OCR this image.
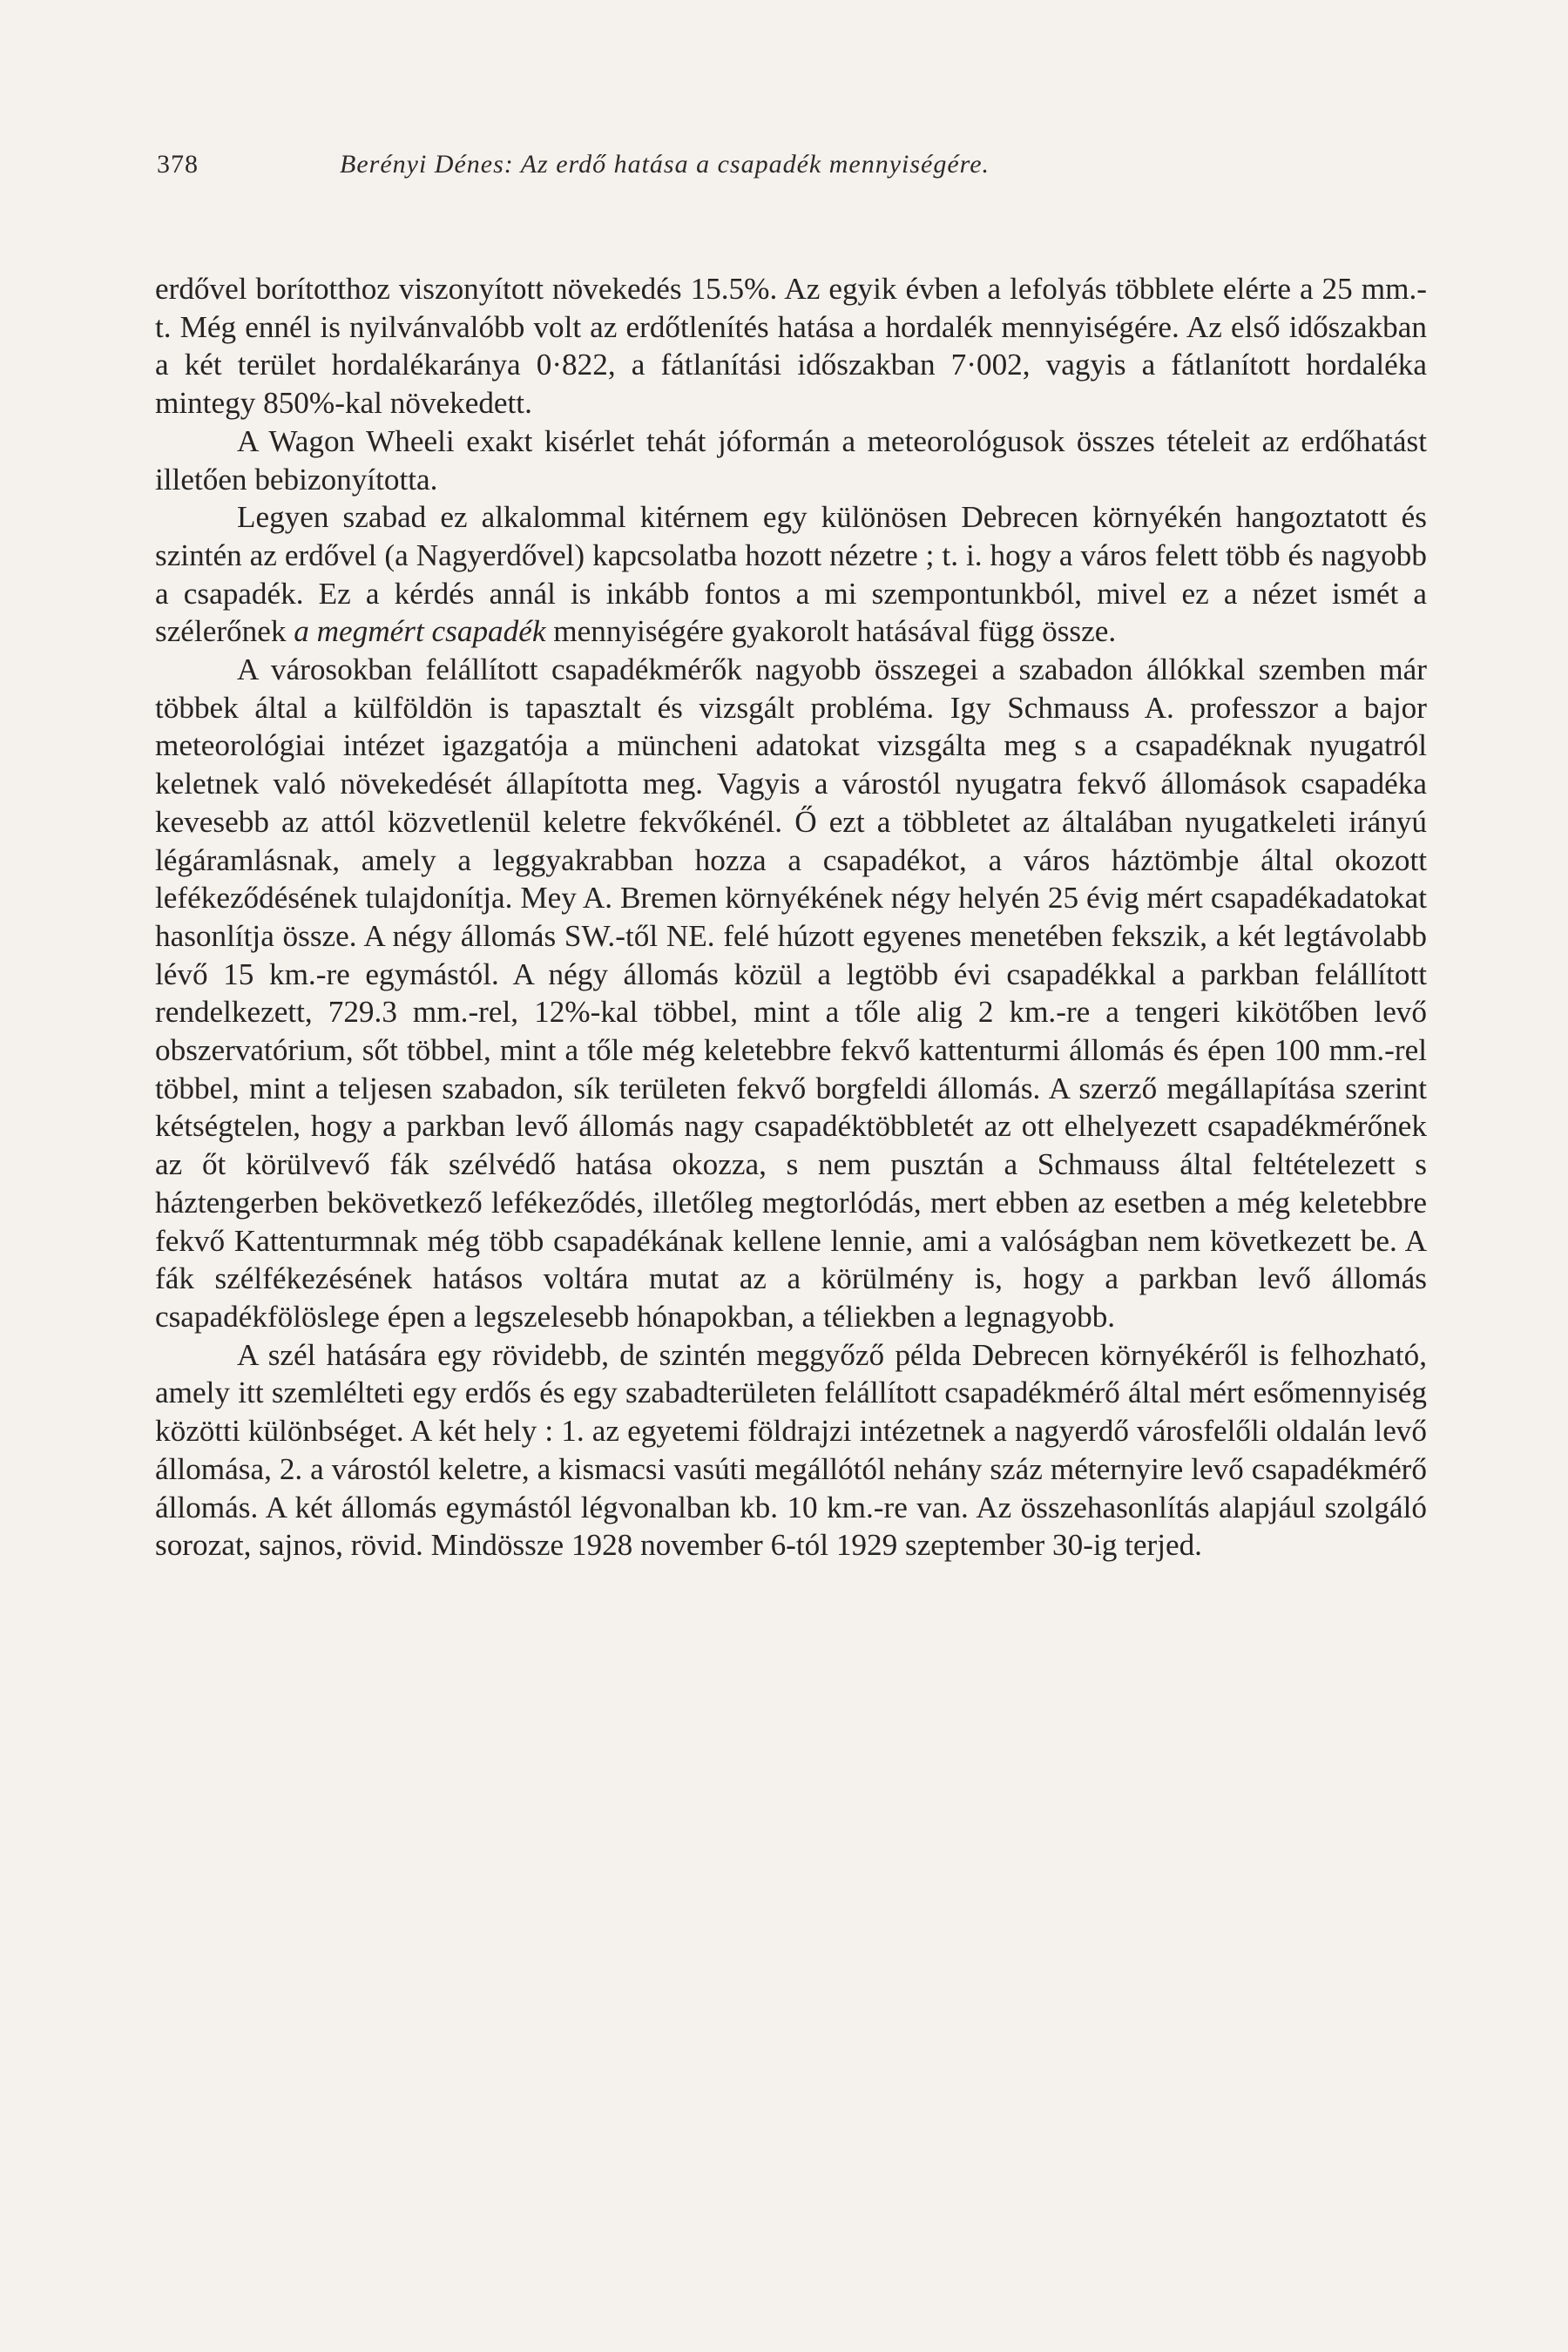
378	Berényi Dénes: Az erdő hatása a csapadék mennyiségére.

erdővel borítotthoz viszonyított növekedés 15.5%. Az egyik évben a lefolyás többlete elérte a 25 mm.-t. Még ennél is nyilvánvalóbb volt az erdőtlenítés hatása a hordalék mennyiségére. Az első időszakban a két terület hordalékaránya 0·822, a fátlanítási időszakban 7·002, vagyis a fátlanított hordaléka mintegy 850%-kal növekedett.

A Wagon Wheeli exakt kisérlet tehát jóformán a meteorológusok összes tételeit az erdőhatást illetően bebizonyította.

Legyen szabad ez alkalommal kitérnem egy különösen Debrecen környékén hangoztatott és szintén az erdővel (a Nagyerdővel) kapcsolatba hozott nézetre ; t. i. hogy a város felett több és nagyobb a csapadék. Ez a kérdés annál is inkább fontos a mi szempontunkból, mivel ez a nézet ismét a szélerőnek a megmért csapadék mennyiségére gyakorolt hatásával függ össze.

A városokban felállított csapadékmérők nagyobb összegei a szabadon állókkal szemben már többek által a külföldön is tapasztalt és vizsgált probléma. Igy Schmauss A. professzor a bajor meteorológiai intézet igazgatója a müncheni adatokat vizsgálta meg s a csapadéknak nyugatról keletnek való növekedését állapította meg. Vagyis a várostól nyugatra fekvő állomások csapadéka kevesebb az attól közvetlenül keletre fekvőkénél. Ő ezt a többletet az általában nyugatkeleti irányú légáramlásnak, amely a leggyakrabban hozza a csapadékot, a város háztömbje által okozott lefékeződésének tulajdonítja. Mey A. Bremen környékének négy helyén 25 évig mért csapadékadatokat hasonlítja össze. A négy állomás SW.-től NE. felé húzott egyenes menetében fekszik, a két legtávolabb lévő 15 km.-re egymástól. A négy állomás közül a legtöbb évi csapadékkal a parkban felállított rendelkezett, 729.3 mm.-rel, 12%-kal többel, mint a tőle alig 2 km.-re a tengeri kikötőben levő obszervatórium, sőt többel, mint a tőle még keletebbre fekvő kattenturmi állomás és épen 100 mm.-rel többel, mint a teljesen szabadon, sík területen fekvő borgfeldi állomás. A szerző megállapítása szerint kétségtelen, hogy a parkban levő állomás nagy csapadéktöbbletét az ott elhelyezett csapadékmérőnek az őt körülvevő fák szélvédő hatása okozza, s nem pusztán a Schmauss által feltételezett s háztengerben bekövetkező lefékeződés, illetőleg megtorlódás, mert ebben az esetben a még keletebbre fekvő Kattenturmnak még több csapadékának kellene lennie, ami a valóságban nem következett be. A fák szélfékezésének hatásos voltára mutat az a körülmény is, hogy a parkban levő állomás csapadékfölöslege épen a legszelesebb hónapokban, a téliekben a legnagyobb.

A szél hatására egy rövidebb, de szintén meggyőző példa Debrecen környékéről is felhozható, amely itt szemlélteti egy erdős és egy szabadterületen felállított csapadékmérő által mért esőmennyiség közötti különbséget. A két hely : 1. az egyetemi földrajzi intézetnek a nagyerdő városfelőli oldalán levő állomása, 2. a várostól keletre, a kismacsi vasúti megállótól nehány száz méternyire levő csapadékmérő állomás. A két állomás egymástól légvonalban kb. 10 km.-re van. Az összehasonlítás alapjául szolgáló sorozat, sajnos, rövid. Mindössze 1928 november 6-tól 1929 szeptember 30-ig terjed.
